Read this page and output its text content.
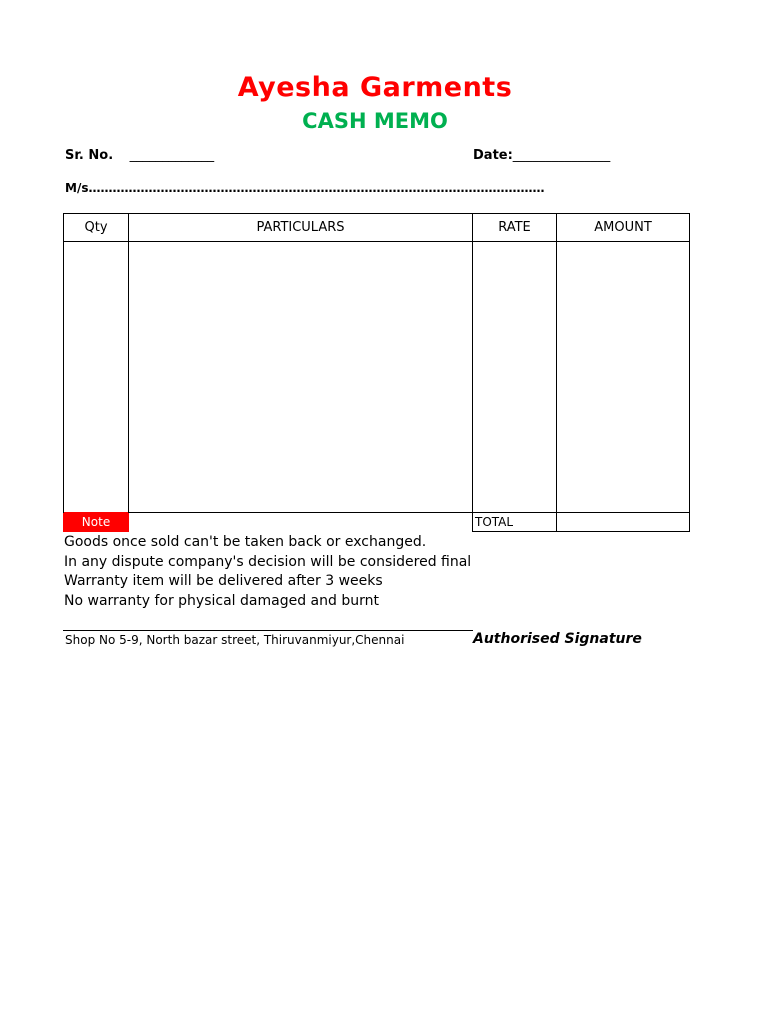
Ayesha Garments
CASH MEMO
Sr. No. _____________	Date:_______________
M/s……………………………………………………………………………………………………
Qty	PARTICULARS	RATE	AMOUNT

Note		TOTAL	
Goods once sold can't be taken back or exchanged.
In any dispute company's decision will be considered final
Warranty item will be delivered after 3 weeks
No warranty for physical damaged and burnt
Shop No 5-9, North bazar street, Thiruvanmiyur,Chennai	Authorised Signature
